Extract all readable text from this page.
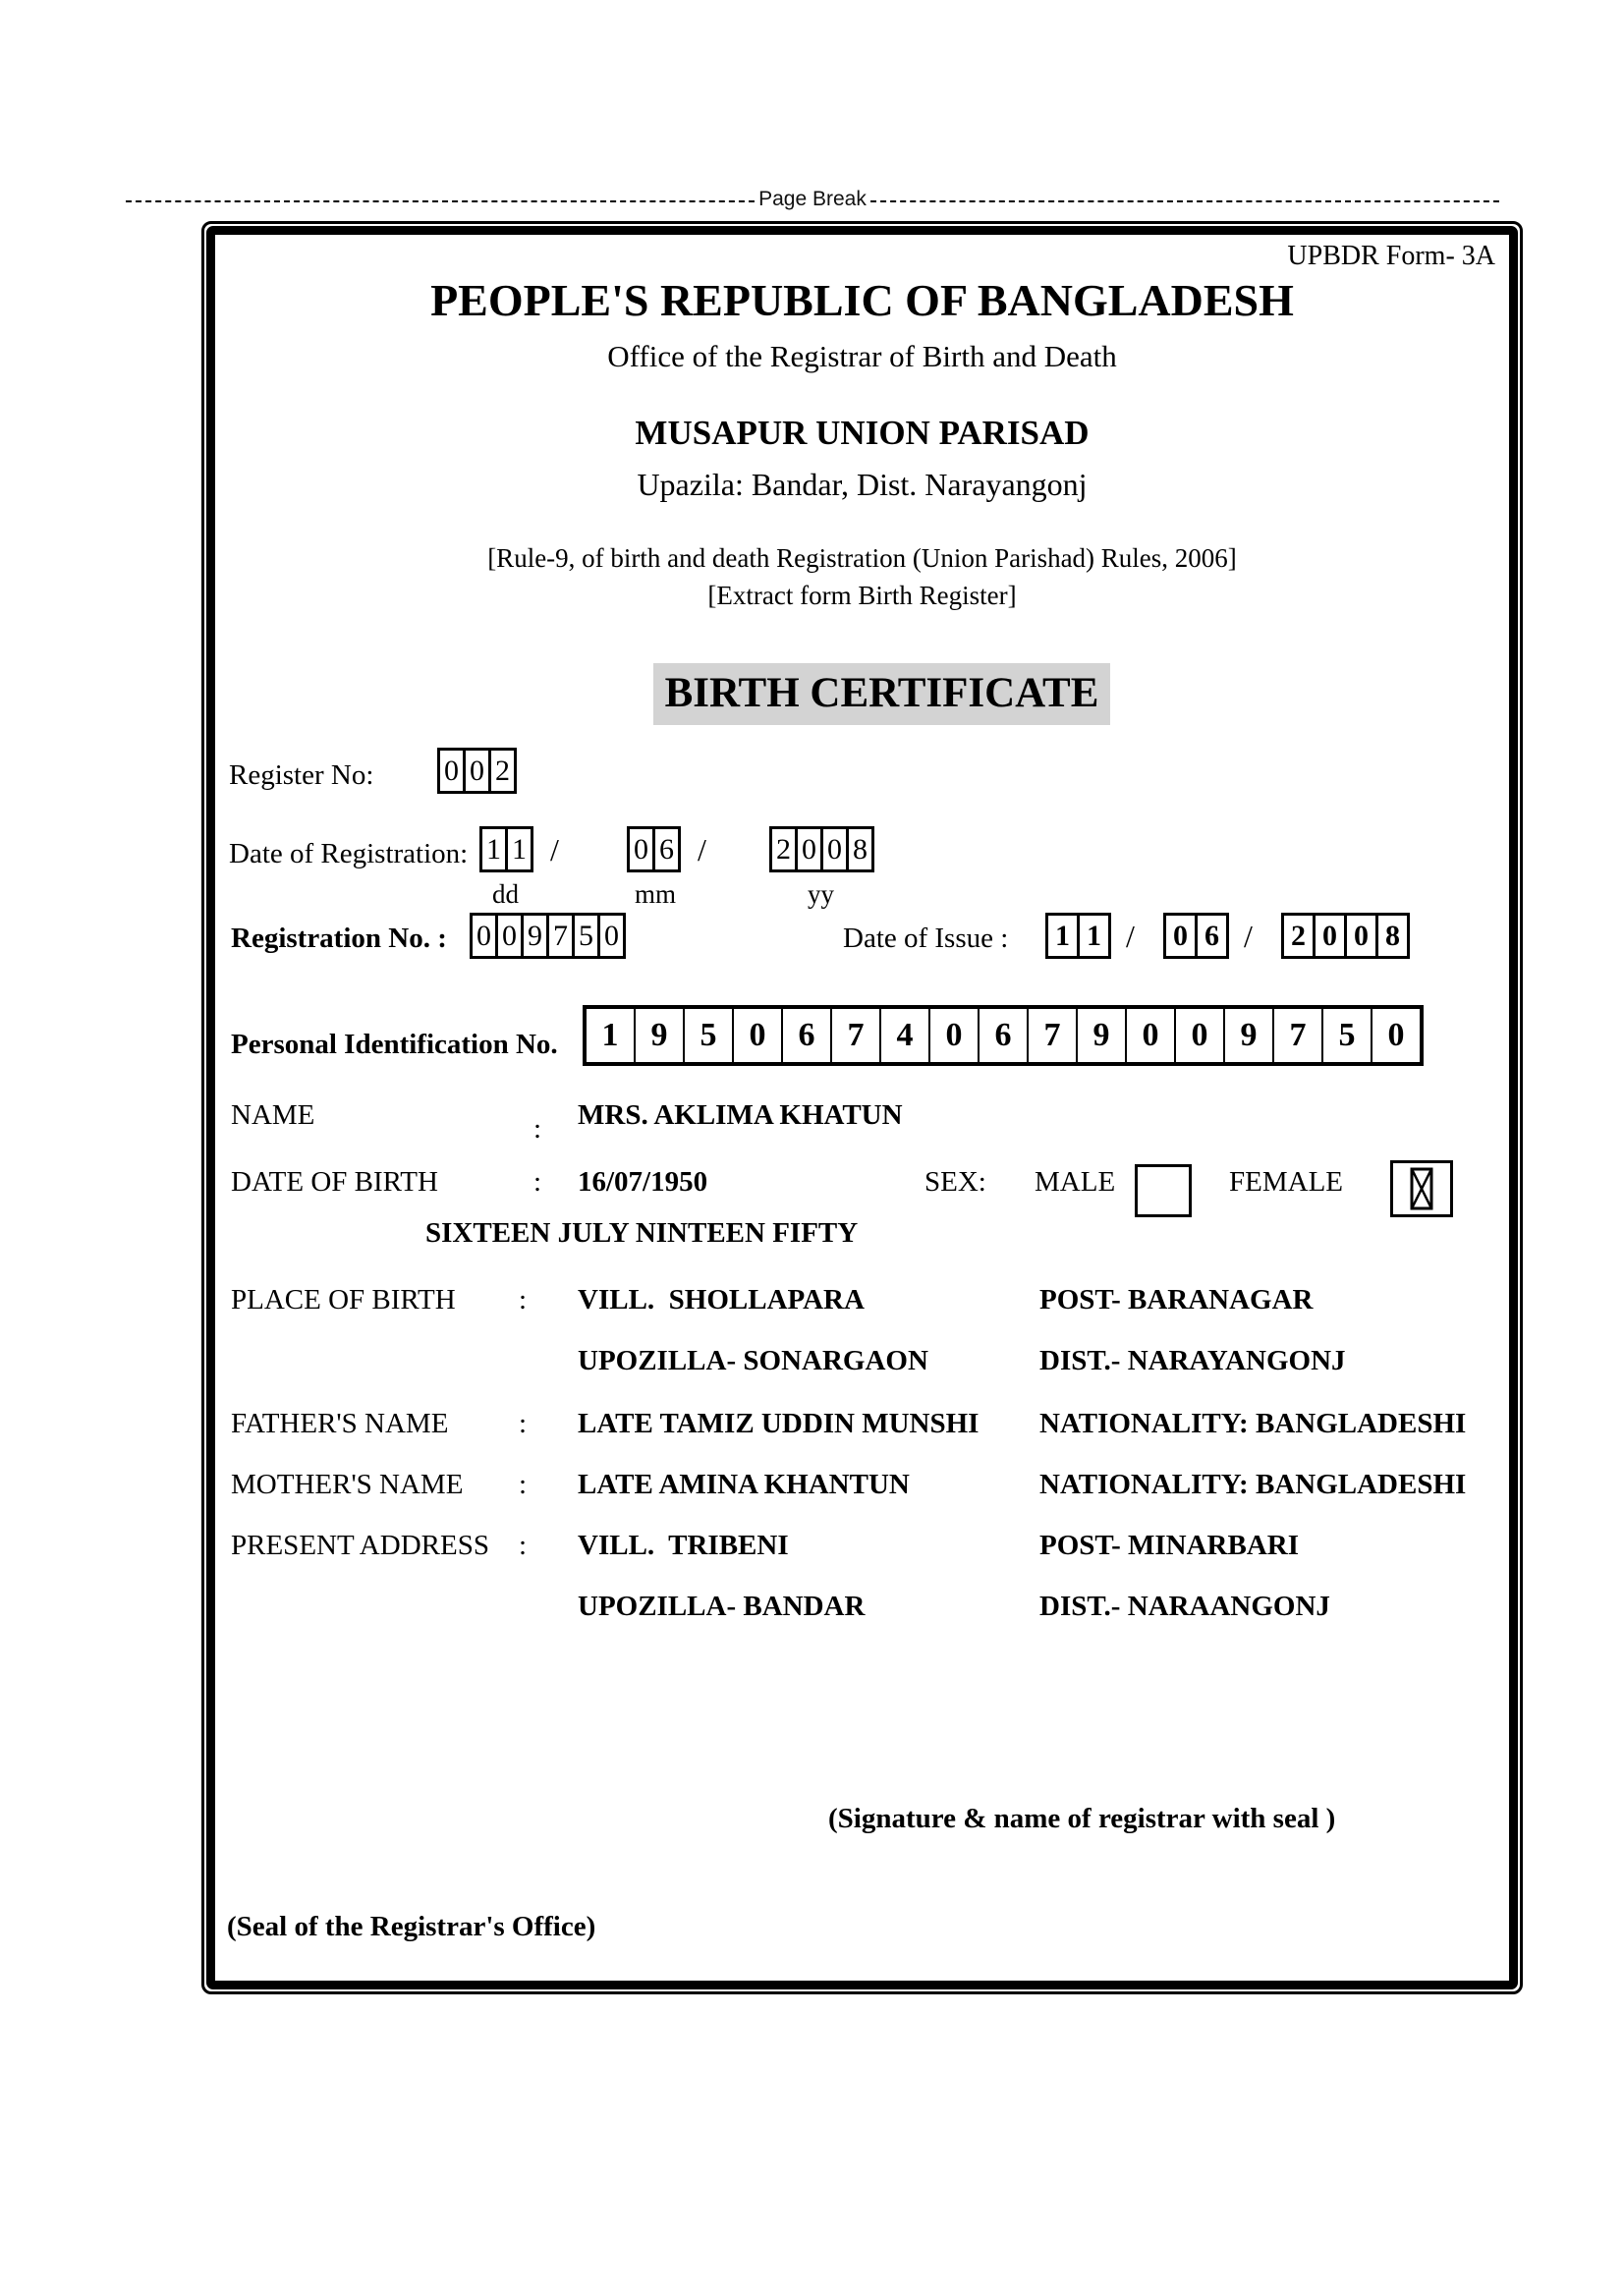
Page Break
UPBDR Form- 3A
PEOPLE'S REPUBLIC OF BANGLADESH
Office of the Registrar of Birth and Death
MUSAPUR UNION PARISAD
Upazila: Bandar, Dist. Narayangonj
[Rule-9, of birth and death Registration (Union Parishad) Rules, 2006]
[Extract form Birth Register]

BIRTH CERTIFICATE

Register No: 0 0 2
Date of Registration: 1 1 /	0 6 / 2 0 0 8
dd	mm	yy
Registration No. : 0 0 9 7 5 0	Date of Issue :	1 1 /	0 6 /	2 0 0 8
Personal Identification No.	1 9 5 0 6 7 4 0 6 7 9 0 0 9 7 5 0
NAME	: MRS. AKLIMA KHATUN
DATE OF BIRTH	: 16/07/1950	SEX: MALE	FEMALE
SIXTEEN JULY NINTEEN FIFTY
PLACE OF BIRTH : VILL.  SHOLLAPARA	POST- BARANAGAR
UPOZILLA- SONARGAON	DIST.- NARAYANGONJ
FATHER'S NAME : LATE TAMIZ UDDIN MUNSHI NATIONALITY: BANGLADESHI
MOTHER'S NAME : LATE AMINA KHANTUN	NATIONALITY: BANGLADESHI
PRESENT ADDRESS : VILL.  TRIBENI	POST- MINARBARI
UPOZILLA- BANDAR	DIST.- NARAANGONJ
(Signature & name of registrar with seal )
(Seal of the Registrar's Office)
